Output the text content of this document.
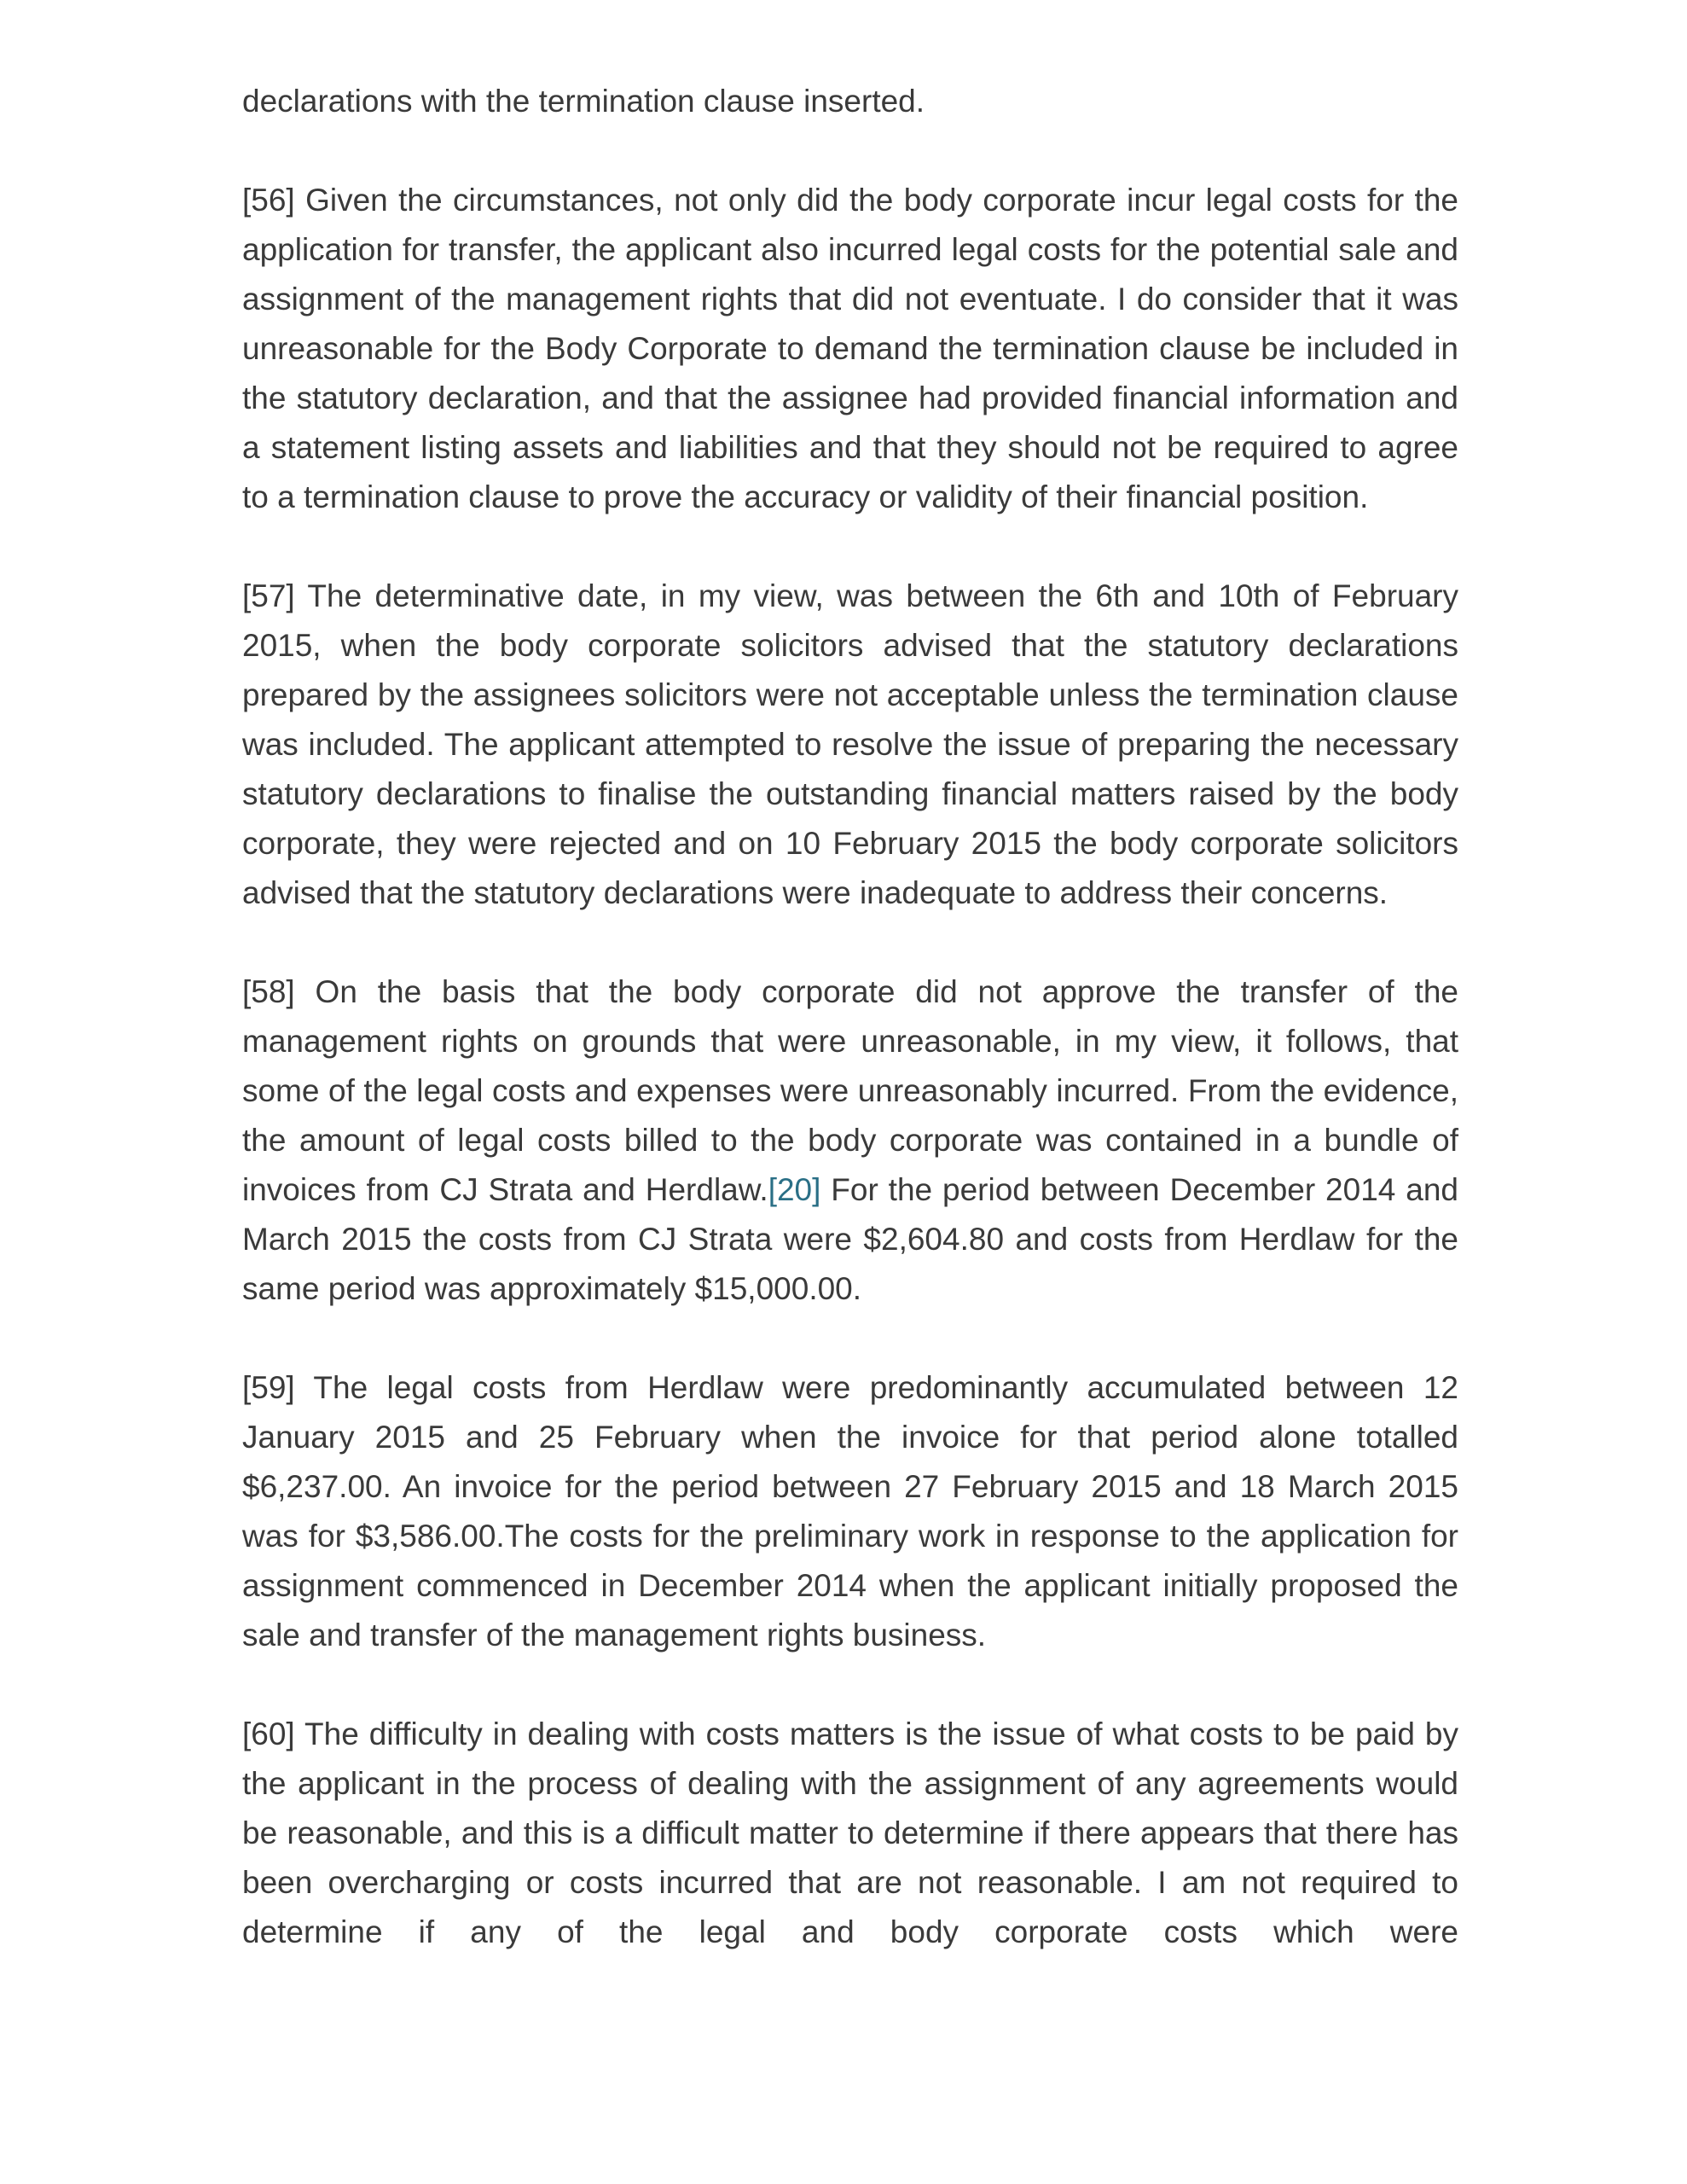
declarations with the termination clause inserted.

[56] Given the circumstances, not only did the body corporate incur legal costs for the application for transfer, the applicant also incurred legal costs for the potential sale and assignment of the management rights that did not eventuate. I do consider that it was unreasonable for the Body Corporate to demand the termination clause be included in the statutory declaration, and that the assignee had provided financial information and a statement listing assets and liabilities and that they should not be required to agree to a termination clause to prove the accuracy or validity of their financial position.

[57] The determinative date, in my view, was between the 6th and 10th of February 2015, when the body corporate solicitors advised that the statutory declarations prepared by the assignees solicitors were not acceptable unless the termination clause was included. The applicant attempted to resolve the issue of preparing the necessary statutory declarations to finalise the outstanding financial matters raised by the body corporate, they were rejected and on 10 February 2015 the body corporate solicitors advised that the statutory declarations were inadequate to address their concerns.

[58] On the basis that the body corporate did not approve the transfer of the management rights on grounds that were unreasonable, in my view, it follows, that some of the legal costs and expenses were unreasonably incurred. From the evidence, the amount of legal costs billed to the body corporate was contained in a bundle of invoices from CJ Strata and Herdlaw.[20] For the period between December 2014 and March 2015 the costs from CJ Strata were $2,604.80 and costs from Herdlaw for the same period was approximately $15,000.00.

[59] The legal costs from Herdlaw were predominantly accumulated between 12 January 2015 and 25 February when the invoice for that period alone totalled $6,237.00. An invoice for the period between 27 February 2015 and 18 March 2015 was for $3,586.00.The costs for the preliminary work in response to the application for assignment commenced in December 2014 when the applicant initially proposed the sale and transfer of the management rights business.

[60] The difficulty in dealing with costs matters is the issue of what costs to be paid by the applicant in the process of dealing with the assignment of any agreements would be reasonable, and this is a difficult matter to determine if there appears that there has been overcharging or costs incurred that are not reasonable. I am not required to determine if any of the legal and body corporate costs which were
